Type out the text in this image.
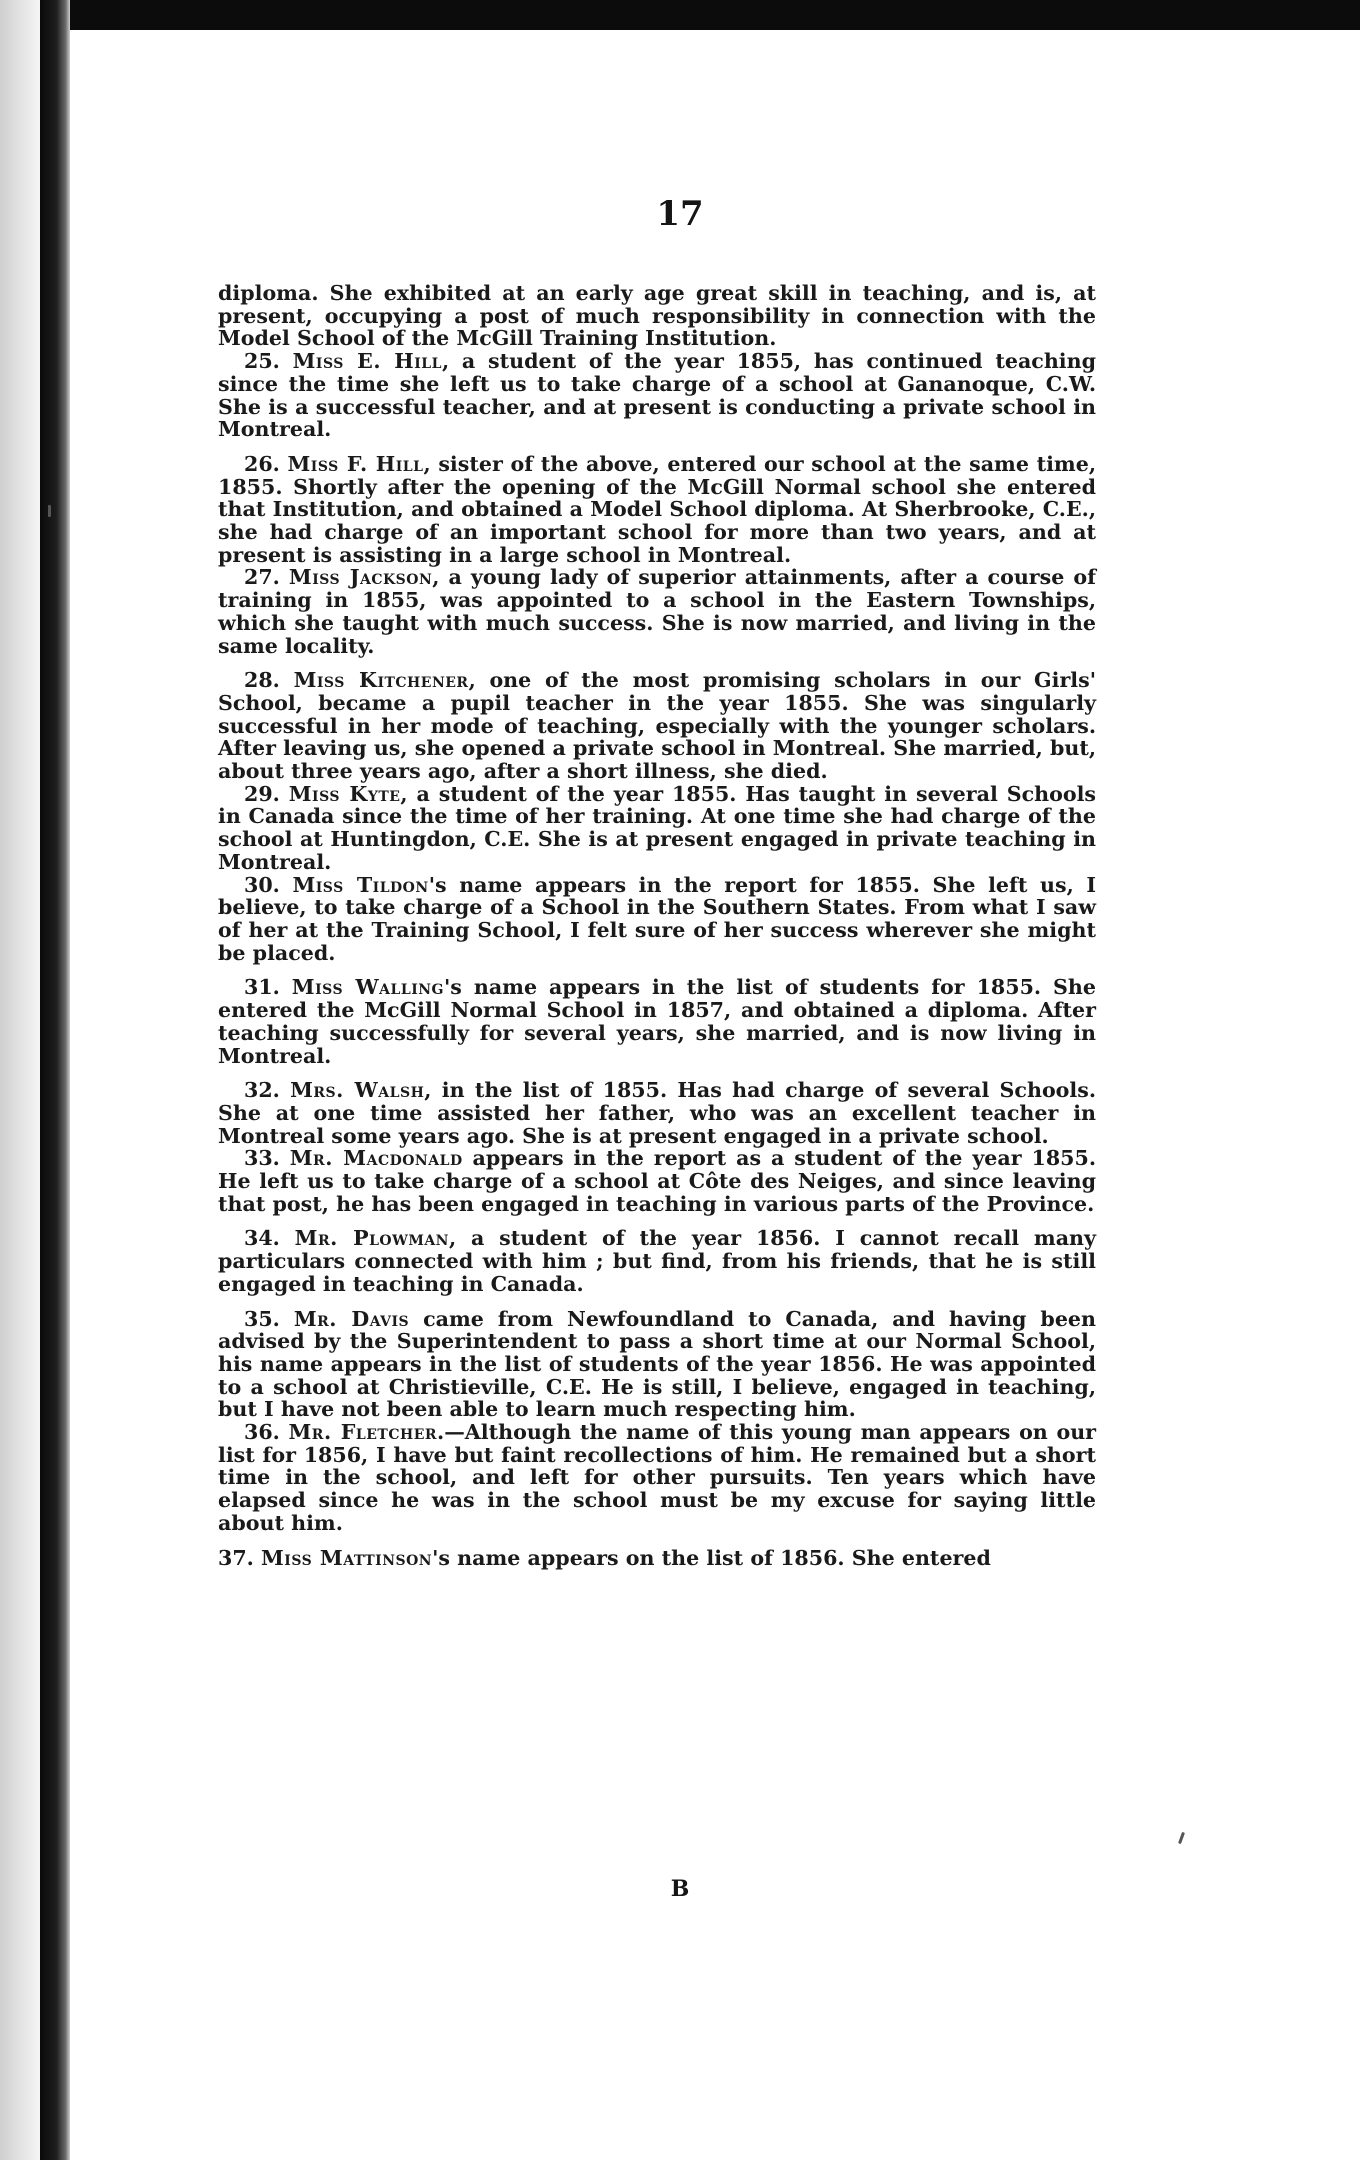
17

diploma. She exhibited at an early age great skill in teaching, and is, at present, occupying a post of much responsibility in connection with the Model School of the McGill Training Institution.

25. Miss E. Hill, a student of the year 1855, has continued teaching since the time she left us to take charge of a school at Gananoque, C.W. She is a successful teacher, and at present is conducting a private school in Montreal.

26. Miss F. Hill, sister of the above, entered our school at the same time, 1855. Shortly after the opening of the McGill Normal school she entered that Institution, and obtained a Model School diploma. At Sherbrooke, C.E., she had charge of an important school for more than two years, and at present is assisting in a large school in Montreal.

27. Miss Jackson, a young lady of superior attainments, after a course of training in 1855, was appointed to a school in the Eastern Townships, which she taught with much success. She is now married, and living in the same locality.

28. Miss Kitchener, one of the most promising scholars in our Girls' School, became a pupil teacher in the year 1855. She was singularly successful in her mode of teaching, especially with the younger scholars. After leaving us, she opened a private school in Montreal. She married, but, about three years ago, after a short illness, she died.

29. Miss Kyte, a student of the year 1855. Has taught in several Schools in Canada since the time of her training. At one time she had charge of the school at Huntingdon, C.E. She is at present engaged in private teaching in Montreal.

30. Miss Tildon's name appears in the report for 1855. She left us, I believe, to take charge of a School in the Southern States. From what I saw of her at the Training School, I felt sure of her success wherever she might be placed.

31. Miss Walling's name appears in the list of students for 1855. She entered the McGill Normal School in 1857, and obtained a diploma. After teaching successfully for several years, she married, and is now living in Montreal.

32. Mrs. Walsh, in the list of 1855. Has had charge of several Schools. She at one time assisted her father, who was an excellent teacher in Montreal some years ago. She is at present engaged in a private school.

33. Mr. Macdonald appears in the report as a student of the year 1855. He left us to take charge of a school at Côte des Neiges, and since leaving that post, he has been engaged in teaching in various parts of the Province.

34. Mr. Plowman, a student of the year 1856. I cannot recall many particulars connected with him ; but find, from his friends, that he is still engaged in teaching in Canada.

35. Mr. Davis came from Newfoundland to Canada, and having been advised by the Superintendent to pass a short time at our Normal School, his name appears in the list of students of the year 1856. He was appointed to a school at Christieville, C.E. He is still, I believe, engaged in teaching, but I have not been able to learn much respecting him.

36. Mr. Fletcher.—Although the name of this young man appears on our list for 1856, I have but faint recollections of him. He remained but a short time in the school, and left for other pursuits. Ten years which have elapsed since he was in the school must be my excuse for saying little about him.

37. Miss Mattinson's name appears on the list of 1856. She entered

B
